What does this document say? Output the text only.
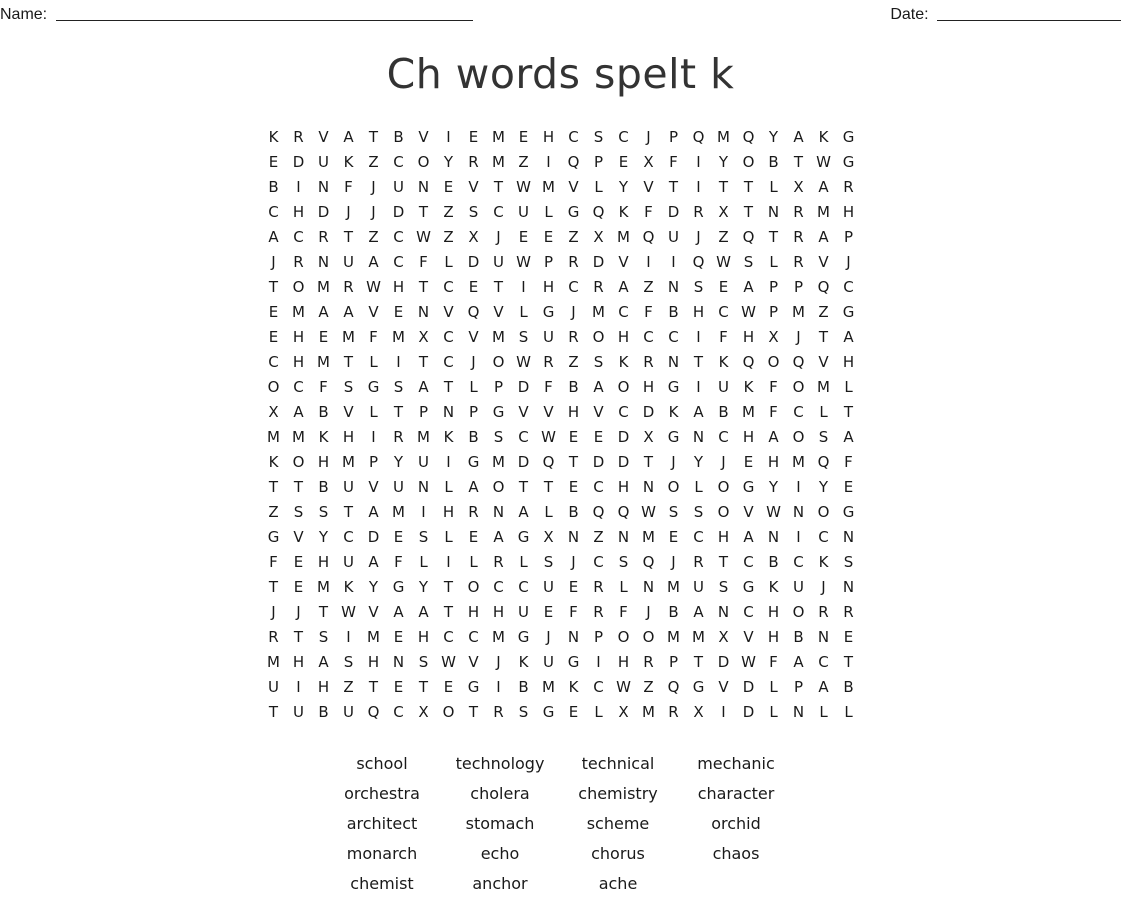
Name:	Date:
Ch words spelt k
K R V A	T	B V	I	E M E H C	S C	J	P Q M Q Y	A K G
E D U K Z C O Y	R M Z	I	Q P	E	X	F	I	Y O B	T W G
B	I	N	F	J	U N E	V	T W M V	L	Y	V	T	I	T	T	L	X A R
C H D	J	J	D T	Z	S C U	L	G Q K	F D R X	T N R M H
A C R	T	Z C W Z X	J	E	E	Z X M Q U	J	Z Q T	R A	P
J	R N U A C	F	L	D U W P	R D V	I	I	Q W S	L	R V	J
T O M R W H T	C	E	T	I	H C R A Z N S	E	A	P	P Q C
E M A A V	E N V Q V	L	G	J	M C	F	B H C W P M Z G
E H E M F M X C V M S U R O H C C	I	F	H X	J	T	A
C H M T	L	I	T	C	J	O W R Z	S	K R N T	K Q O Q V H
O C	F	S G S	A	T	L	P D F	B A O H G	I	U K	F O M L
X A B V	L	T	P N P G V V H V C D K A B M F	C	L	T
M M K H	I	R M K B	S C W E	E D X G N C H A O S	A
K O H M P	Y U	I	G M D Q T D D T	J	Y	J	E H M Q F
T	T	B U V U N	L	A O T	T	E	C H N O L O G Y	I	Y	E
Z	S	S	T	A M	I	H R N A	L	B Q Q W S	S O V W N O G
G V	Y	C D E	S	L	E	A G X N Z N M E	C H A N	I	C N
F	E H U A	F	L	I	L	R	L	S	J	C	S Q	J	R	T	C B C K	S
T	E M K	Y G Y	T O C C U E	R	L	N M U S G K U	J	N
J	J	T W V A A	T H H U E	F	R	F	J	B A N C H O R R
R	T	S	I	M E H C C M G	J	N P O O M M X V H B N E
M H A	S H N S W V	J	K U G	I	H R	P	T D W F	A C	T
U	I	H Z	T	E	T	E G	I	B M K C W Z Q G V D	L	P	A B
T U B U Q C X O T	R	S G E	L	X M R X	I	D	L	N	L	L
school	technology	technical	mechanic
orchestra	cholera	chemistry	character
architect	stomach	scheme	orchid
monarch	echo	chorus	chaos
chemist	anchor	ache
